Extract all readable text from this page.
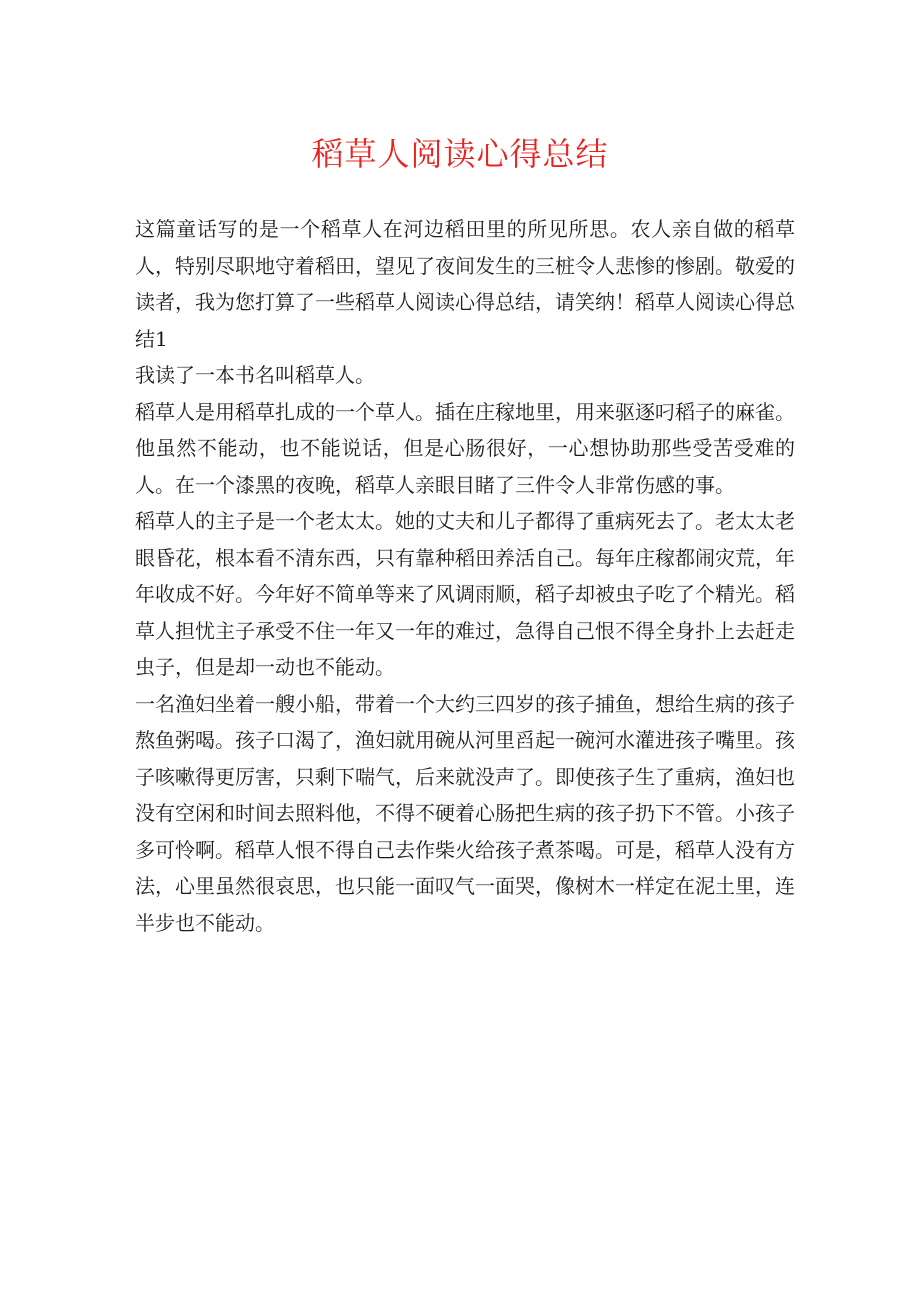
稻草人阅读心得总结

这篇童话写的是一个稻草人在河边稻田里的所见所思。农人亲自做的稻草人，特别尽职地守着稻田，望见了夜间发生的三桩令人悲惨的惨剧。敬爱的读者，我为您打算了一些稻草人阅读心得总结，请笑纳！稻草人阅读心得总结1

我读了一本书名叫稻草人。

稻草人是用稻草扎成的一个草人。插在庄稼地里，用来驱逐叼稻子的麻雀。他虽然不能动，也不能说话，但是心肠很好，一心想协助那些受苦受难的人。在一个漆黑的夜晚，稻草人亲眼目睹了三件令人非常伤感的事。

稻草人的主子是一个老太太。她的丈夫和儿子都得了重病死去了。老太太老眼昏花，根本看不清东西，只有靠种稻田养活自己。每年庄稼都闹灾荒，年年收成不好。今年好不简单等来了风调雨顺，稻子却被虫子吃了个精光。稻草人担忧主子承受不住一年又一年的难过，急得自己恨不得全身扑上去赶走虫子，但是却一动也不能动。

一名渔妇坐着一艘小船，带着一个大约三四岁的孩子捕鱼，想给生病的孩子熬鱼粥喝。孩子口渴了，渔妇就用碗从河里舀起一碗河水灌进孩子嘴里。孩子咳嗽得更厉害，只剩下喘气，后来就没声了。即使孩子生了重病，渔妇也没有空闲和时间去照料他，不得不硬着心肠把生病的孩子扔下不管。小孩子多可怜啊。稻草人恨不得自己去作柴火给孩子煮茶喝。可是，稻草人没有方法，心里虽然很哀思，也只能一面叹气一面哭，像树木一样定在泥土里，连半步也不能动。
